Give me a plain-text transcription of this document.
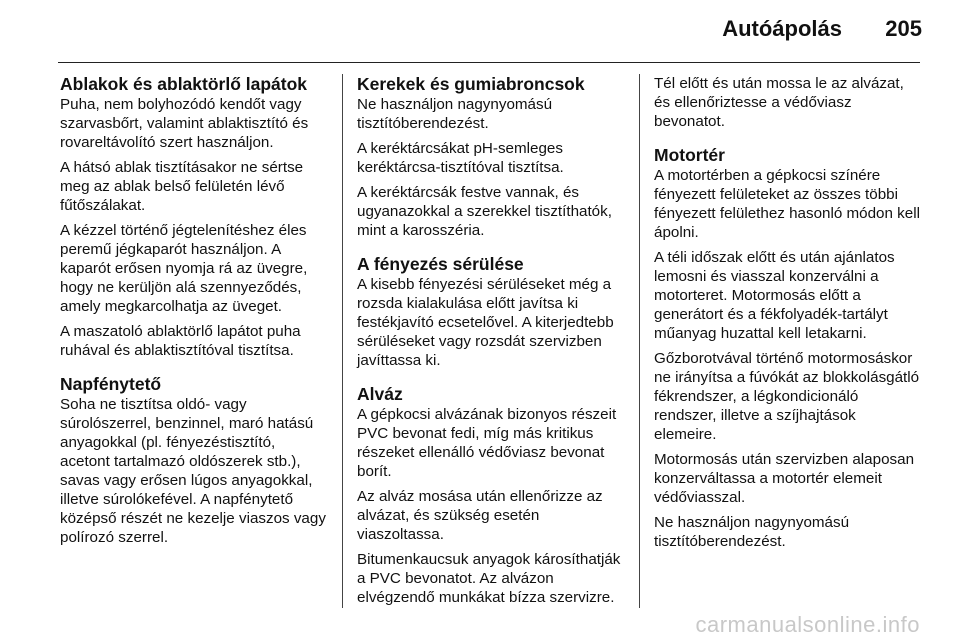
Autóápolás 205
Ablakok és ablaktörlő lapátok

Puha, nem bolyhozódó kendőt vagy szarvasbőrt, valamint ablaktisztító és rovareltávolító szert használjon.

A hátsó ablak tisztításakor ne sértse meg az ablak belső felületén lévő fűtőszálakat.

A kézzel történő jégtelenítéshez éles peremű jégkaparót használjon. A kaparót erősen nyomja rá az üvegre, hogy ne kerüljön alá szennyeződés, amely megkarcolhatja az üveget.

A maszatoló ablaktörlő lapátot puha ruhával és ablaktisztítóval tisztítsa.

Napfénytető

Soha ne tisztítsa oldó- vagy súrolószerrel, benzinnel, maró hatású anyagokkal (pl. fényezéstisztító, acetont tartalmazó oldószerek stb.), savas vagy erősen lúgos anyagokkal, illetve súrolókefével. A napfénytető középső részét ne kezelje viaszos vagy polírozó szerrel.

Kerekek és gumiabroncsok

Ne használjon nagynyomású tisztítóberendezést.

A keréktárcsákat pH-semleges keréktárcsa-tisztítóval tisztítsa.

A keréktárcsák festve vannak, és ugyanazokkal a szerekkel tisztíthatók, mint a karosszéria.

A fényezés sérülése

A kisebb fényezési sérüléseket még a rozsda kialakulása előtt javítsa ki festékjavító ecsetelővel. A kiterjedtebb sérüléseket vagy rozsdát szervizben javíttassa ki.

Alváz

A gépkocsi alvázának bizonyos részeit PVC bevonat fedi, míg más kritikus részeket ellenálló védőviasz bevonat borít.

Az alváz mosása után ellenőrizze az alvázat, és szükség esetén viaszoltassa.

Bitumenkaucsuk anyagok károsíthatják a PVC bevonatot. Az alvázon elvégzendő munkákat bízza szervizre.

Tél előtt és után mossa le az alvázat, és ellenőriztesse a védőviasz bevonatot.

Motortér

A motortérben a gépkocsi színére fényezett felületeket az összes többi fényezett felülethez hasonló módon kell ápolni.

A téli időszak előtt és után ajánlatos lemosni és viasszal konzerválni a motorteret. Motormosás előtt a generátort és a fékfolyadék-tartályt műanyag huzattal kell letakarni.

Gőzborotvával történő motormosáskor ne irányítsa a fúvókát az blokkolásgátló fékrendszer, a légkondicionáló rendszer, illetve a szíjhajtások elemeire.

Motormosás után szervizben alaposan konzerváltassa a motortér elemeit védőviasszal.

Ne használjon nagynyomású tisztítóberendezést.

carmanualsonline.info
